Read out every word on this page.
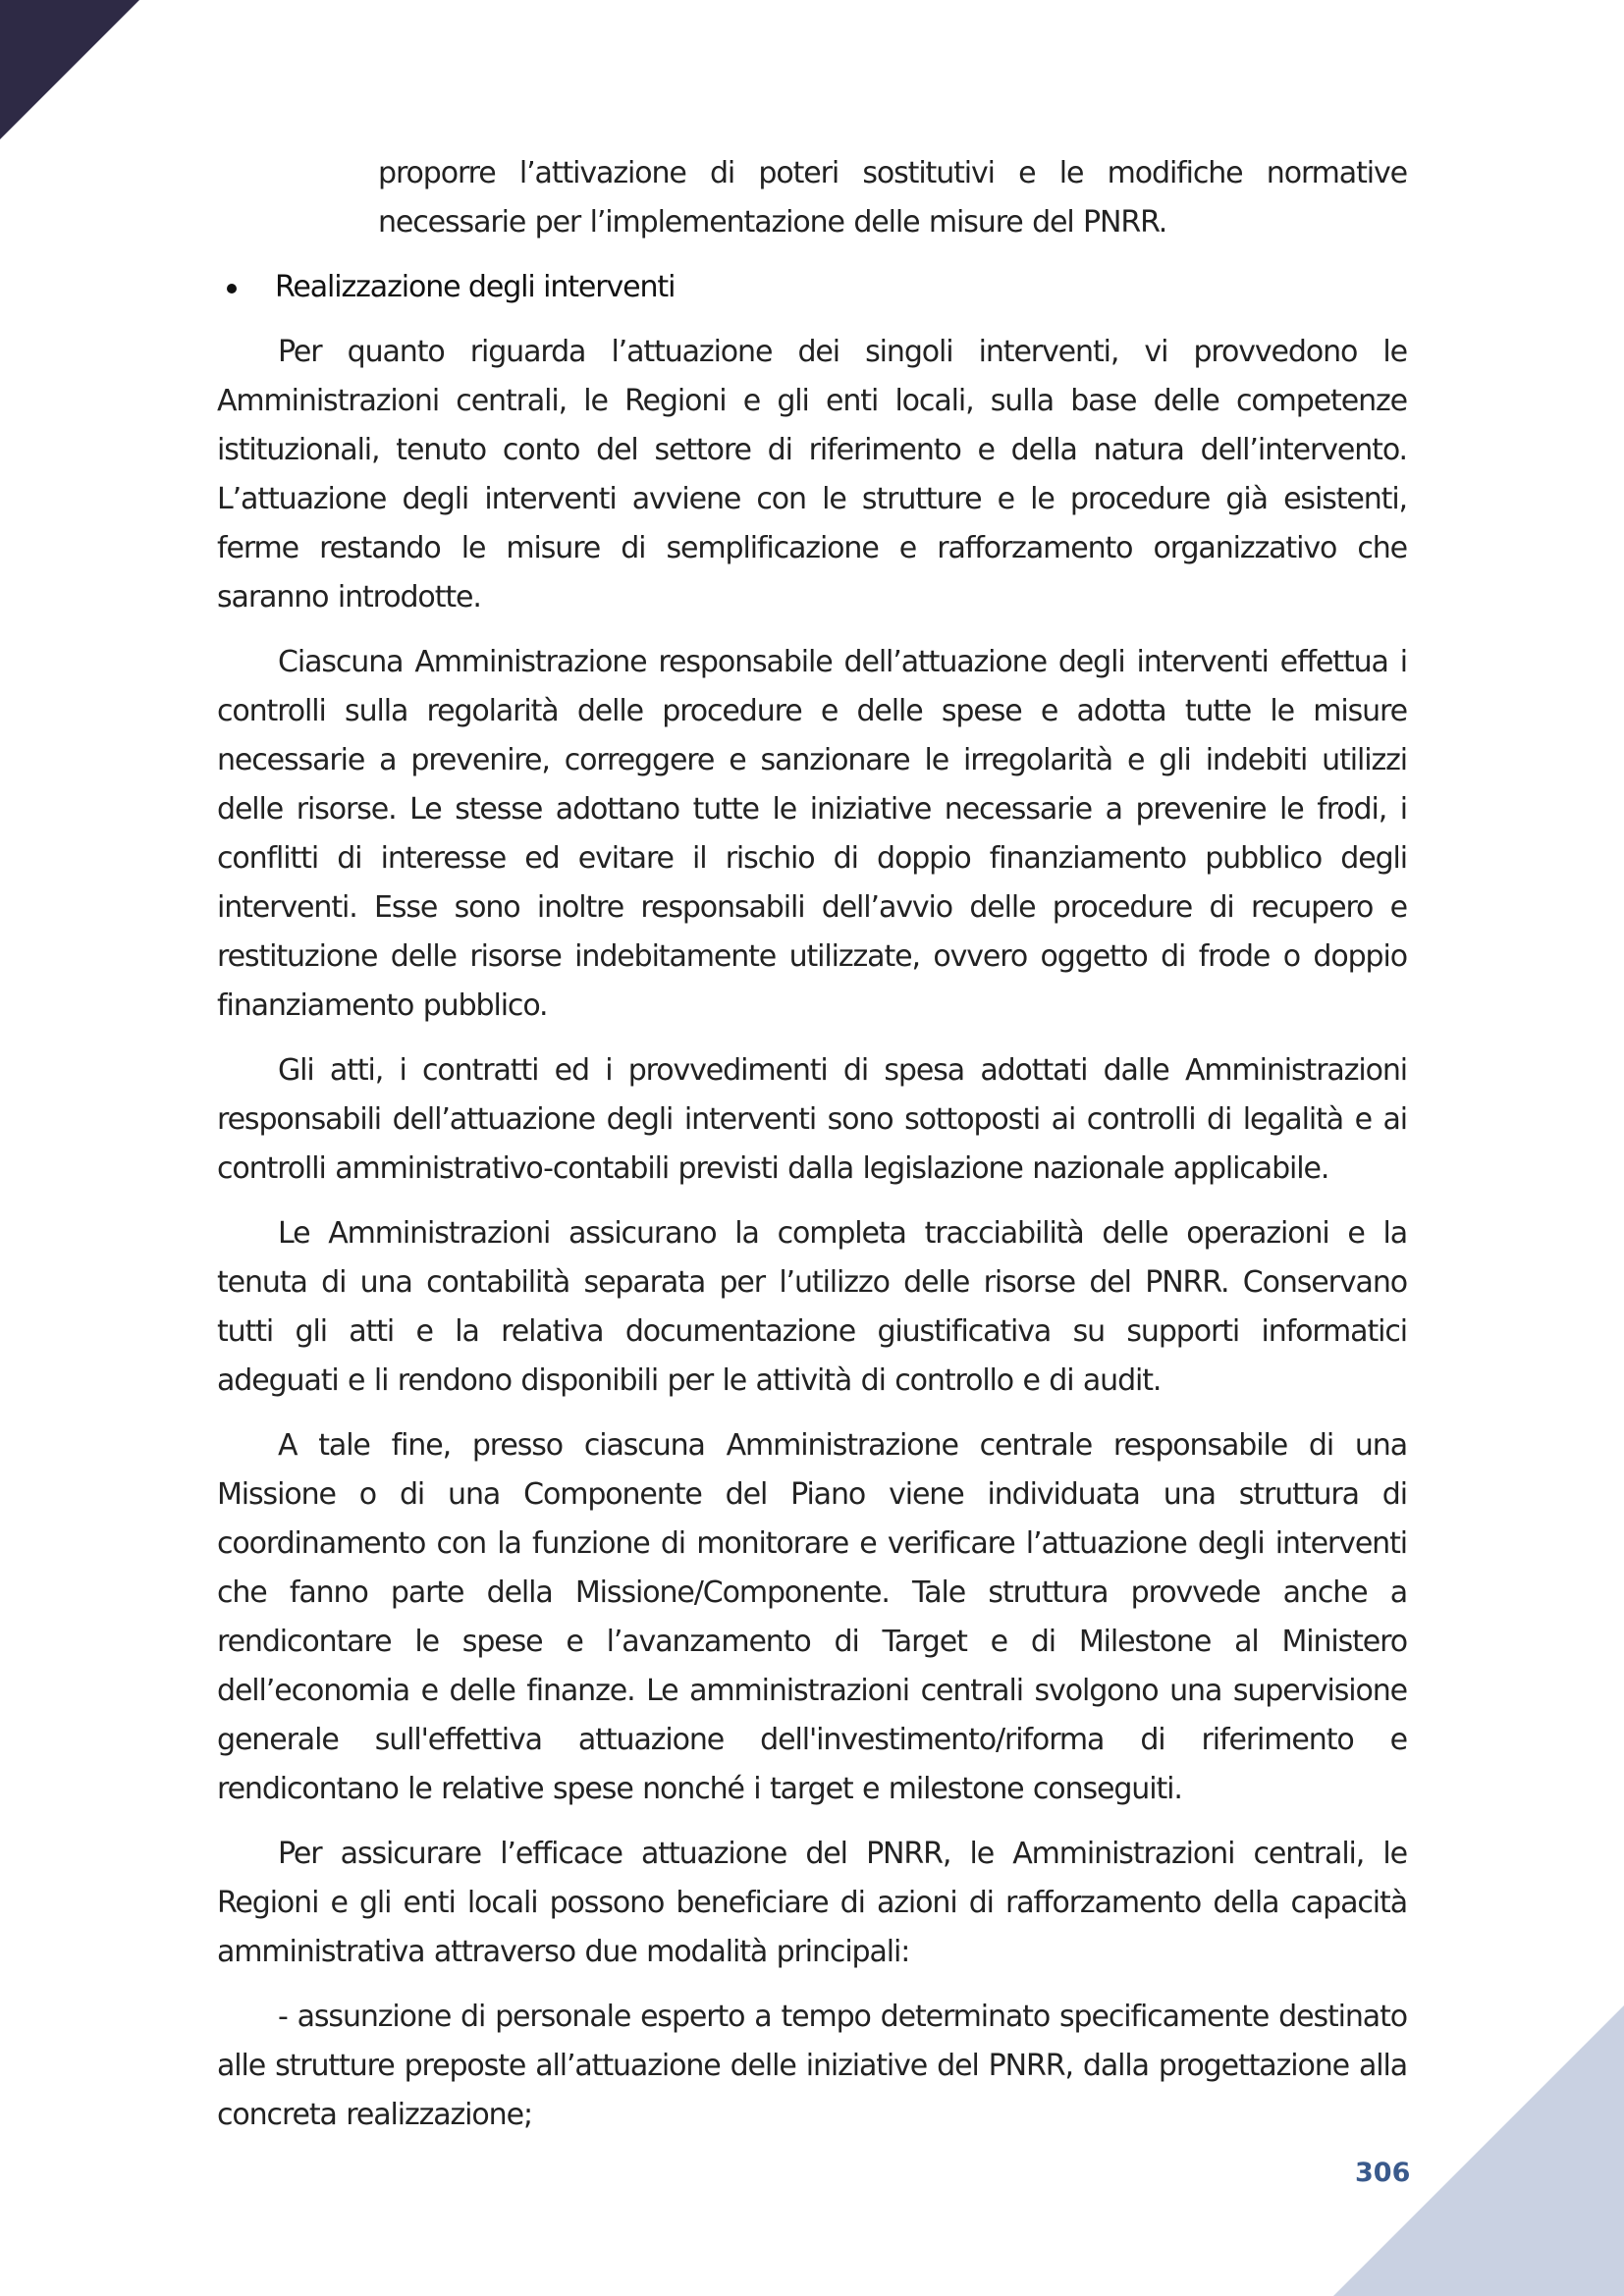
proporre l’attivazione di poteri sostitutivi e le modifiche normative necessarie per l’implementazione delle misure del PNRR.

Realizzazione degli interventi

Per quanto riguarda l’attuazione dei singoli interventi, vi provvedono le Amministrazioni centrali, le Regioni e gli enti locali, sulla base delle competenze istituzionali, tenuto conto del settore di riferimento e della natura dell’intervento. L’attuazione degli interventi avviene con le strutture e le procedure già esistenti, ferme restando le misure di semplificazione e rafforzamento organizzativo che saranno introdotte.

Ciascuna Amministrazione responsabile dell’attuazione degli interventi effettua i controlli sulla regolarità delle procedure e delle spese e adotta tutte le misure necessarie a prevenire, correggere e sanzionare le irregolarità e gli indebiti utilizzi delle risorse. Le stesse adottano tutte le iniziative necessarie a prevenire le frodi, i conflitti di interesse ed evitare il rischio di doppio finanziamento pubblico degli interventi. Esse sono inoltre responsabili dell’avvio delle procedure di recupero e restituzione delle risorse indebitamente utilizzate, ovvero oggetto di frode o doppio finanziamento pubblico.

Gli atti, i contratti ed i provvedimenti di spesa adottati dalle Amministrazioni responsabili dell’attuazione degli interventi sono sottoposti ai controlli di legalità e ai controlli amministrativo-contabili previsti dalla legislazione nazionale applicabile.

Le Amministrazioni assicurano la completa tracciabilità delle operazioni e la tenuta di una contabilità separata per l’utilizzo delle risorse del PNRR. Conservano tutti gli atti e la relativa documentazione giustificativa su supporti informatici adeguati e li rendono disponibili per le attività di controllo e di audit.

A tale fine, presso ciascuna Amministrazione centrale responsabile di una Missione o di una Componente del Piano viene individuata una struttura di coordinamento con la funzione di monitorare e verificare l’attuazione degli interventi che fanno parte della Missione/Componente. Tale struttura provvede anche a rendicontare le spese e l’avanzamento di Target e di Milestone al Ministero dell’economia e delle finanze. Le amministrazioni centrali svolgono una supervisione generale sull'effettiva attuazione dell'investimento/riforma di riferimento e rendicontano le relative spese nonché i target e milestone conseguiti.

Per assicurare l’efficace attuazione del PNRR, le Amministrazioni centrali, le Regioni e gli enti locali possono beneficiare di azioni di rafforzamento della capacità amministrativa attraverso due modalità principali:

- assunzione di personale esperto a tempo determinato specificamente destinato alle strutture preposte all’attuazione delle iniziative del PNRR, dalla progettazione alla concreta realizzazione;

306
